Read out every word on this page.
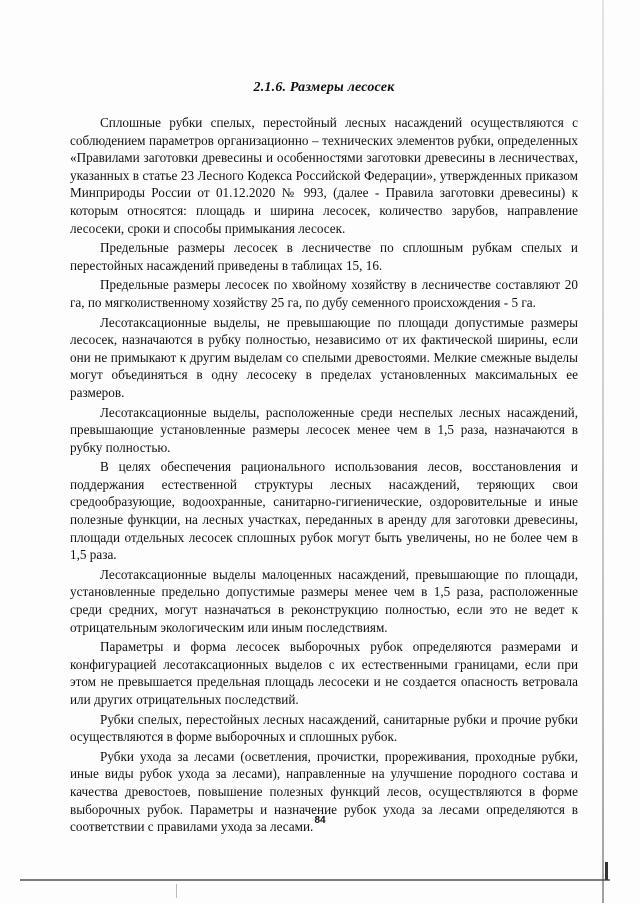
2.1.6. Размеры лесосек

Сплошные рубки спелых, перестойный лесных насаждений осуществляются с соблюдением параметров организационно – технических элементов рубки, определенных «Правилами заготовки древесины и особенностями заготовки древесины в лесничествах, указанных в статье 23 Лесного Кодекса Российской Федерации», утвержденных приказом Минприроды России от 01.12.2020 № 993, (далее - Правила заготовки древесины) к которым относятся: площадь и ширина лесосек, количество зарубов, направление лесосеки, сроки и способы примыкания лесосек.

Предельные размеры лесосек в лесничестве по сплошным рубкам спелых и перестойных насаждений приведены в таблицах 15, 16.

Предельные размеры лесосек по хвойному хозяйству в лесничестве составляют 20 га, по мягколиственному хозяйству 25 га, по дубу семенного происхождения - 5 га.

Лесотаксационные выделы, не превышающие по площади допустимые размеры лесосек, назначаются в рубку полностью, независимо от их фактической ширины, если они не примыкают к другим выделам со спелыми древостоями. Мелкие смежные выделы могут объединяться в одну лесосеку в пределах установленных максимальных ее размеров.

Лесотаксационные выделы, расположенные среди неспелых лесных насаждений, превышающие установленные размеры лесосек менее чем в 1,5 раза, назначаются в рубку полностью.

В целях обеспечения рационального использования лесов, восстановления и поддержания естественной структуры лесных насаждений, теряющих свои средообразующие, водоохранные, санитарно-гигиенические, оздоровительные и иные полезные функции, на лесных участках, переданных в аренду для заготовки древесины, площади отдельных лесосек сплошных рубок могут быть увеличены, но не более чем в 1,5 раза.

Лесотаксационные выделы малоценных насаждений, превышающие по площади, установленные предельно допустимые размеры менее чем в 1,5 раза, расположенные среди средних, могут назначаться в реконструкцию полностью, если это не ведет к отрицательным экологическим или иным последствиям.

Параметры и форма лесосек выборочных рубок определяются размерами и конфигурацией лесотаксационных выделов с их естественными границами, если при этом не превышается предельная площадь лесосеки и не создается опасность ветровала или других отрицательных последствий.

Рубки спелых, перестойных лесных насаждений, санитарные рубки и прочие рубки осуществляются в форме выборочных и сплошных рубок.

Рубки ухода за лесами (осветления, прочистки, прореживания, проходные рубки, иные виды рубок ухода за лесами), направленные на улучшение породного состава и качества древостоев, повышение полезных функций лесов, осуществляются в форме выборочных рубок. Параметры и назначение рубок ухода за лесами определяются в соответствии с правилами ухода за лесами. 84
